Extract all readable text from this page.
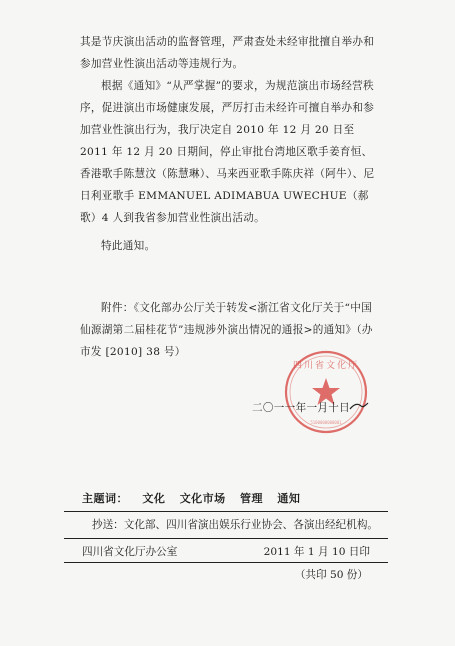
其是节庆演出活动的监督管理，严肃查处未经审批擅自举办和参加营业性演出活动等违规行为。

根据《通知》“从严掌握”的要求，为规范演出市场经营秩序，促进演出市场健康发展，严厉打击未经许可擅自举办和参加营业性演出行为，我厅决定自 2010 年 12 月 20 日至 2011 年 12 月 20 日期间，停止审批台湾地区歌手姜育恒、香港歌手陈慧汶（陈慧琳）、马来西亚歌手陈庆祥（阿牛）、尼日利亚歌手 EMMANUEL ADIMABUA UWECHUE（郝歌）4 人到我省参加营业性演出活动。

特此通知。

附件：《文化部办公厅关于转发<浙江省文化厅关于“中国仙源湖第二届桂花节”违规涉外演出情况的通报>的通知》（办市发 [2010] 38 号）

四川省文化厅
5100000000001
二〇一一年一月十日
主题词： 文化 文化市场 管理 通知
抄送：文化部、四川省演出娱乐行业协会、各演出经纪机构。
四川省文化厅办公室	2011 年 1 月 10 日印
（共印 50 份）
